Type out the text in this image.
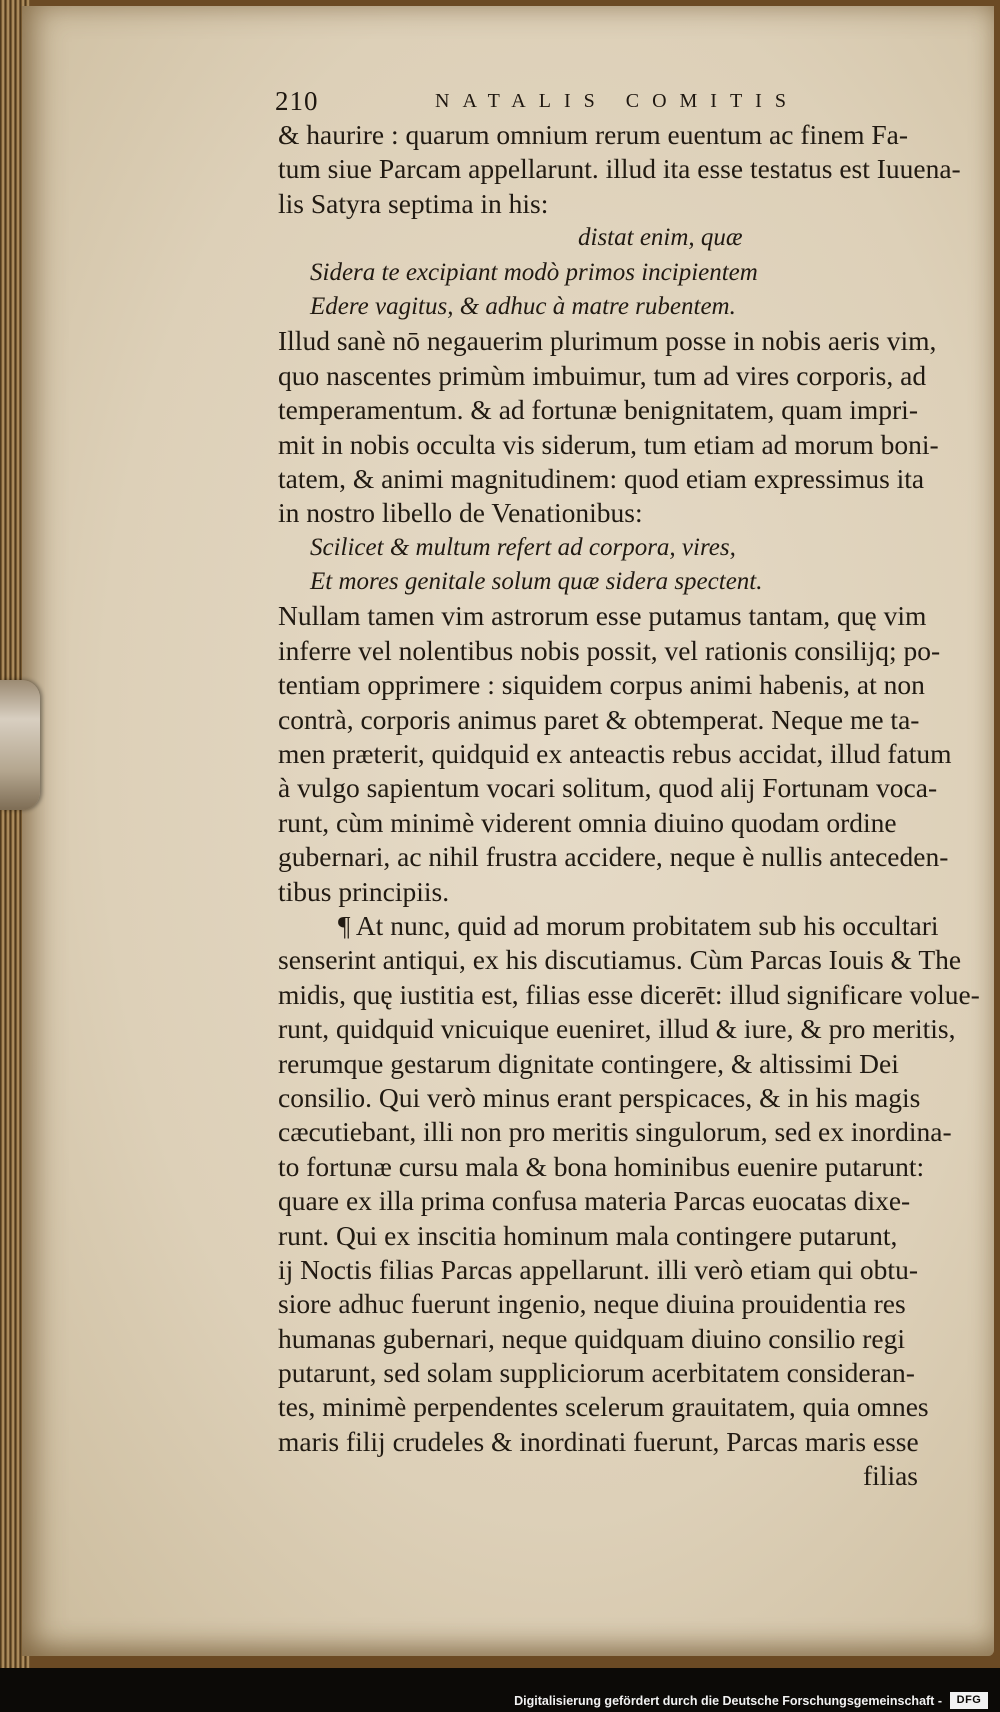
210	NATALIS COMITIS
& haurire : quarum omnium rerum euentum ac finem Fa-
tum siue Parcam appellarunt. illud ita esse testatus est Iuuena-
lis Satyra septima in his:
distat enim, quæ
Sidera te excipiant modò primos incipientem
Edere vagitus, & adhuc à matre rubentem.
Illud sanè nō negauerim plurimum posse in nobis aeris vim,
quo nascentes primùm imbuimur, tum ad vires corporis, ad
temperamentum. & ad fortunæ benignitatem, quam impri-
mit in nobis occulta vis siderum, tum etiam ad morum boni-
tatem, & animi magnitudinem: quod etiam expressimus ita
in nostro libello de Venationibus:
Scilicet & multum refert ad corpora, vires,
Et mores genitale solum quæ sidera spectent.
Nullam tamen vim astrorum esse putamus tantam, quę vim
inferre vel nolentibus nobis possit, vel rationis consilijq; po-
tentiam opprimere : siquidem corpus animi habenis, at non
contrà, corporis animus paret & obtemperat. Neque me ta-
men præterit, quidquid ex anteactis rebus accidat, illud fatum
à vulgo sapientum vocari solitum, quod alij Fortunam voca-
runt, cùm minimè viderent omnia diuino quodam ordine
gubernari, ac nihil frustra accidere, neque è nullis anteceden-
tibus principiis.
¶ At nunc, quid ad morum probitatem sub his occultari
senserint antiqui, ex his discutiamus. Cùm Parcas Iouis & The
midis, quę iustitia est, filias esse dicerēt: illud significare volue-
runt, quidquid vnicuique eueniret, illud & iure, & pro meritis,
rerumque gestarum dignitate contingere, & altissimi Dei
consilio. Qui verò minus erant perspicaces, & in his magis
cæcutiebant, illi non pro meritis singulorum, sed ex inordina-
to fortunæ cursu mala & bona hominibus euenire putarunt:
quare ex illa prima confusa materia Parcas euocatas dixe-
runt. Qui ex inscitia hominum mala contingere putarunt,
ij Noctis filias Parcas appellarunt. illi verò etiam qui obtu-
siore adhuc fuerunt ingenio, neque diuina prouidentia res
humanas gubernari, neque quidquam diuino consilio regi
putarunt, sed solam suppliciorum acerbitatem consideran-
tes, minimè perpendentes scelerum grauitatem, quia omnes
maris filij crudeles & inordinati fuerunt, Parcas maris esse
filias
Digitalisierung gefördert durch die Deutsche Forschungsgemeinschaft -	DFG
